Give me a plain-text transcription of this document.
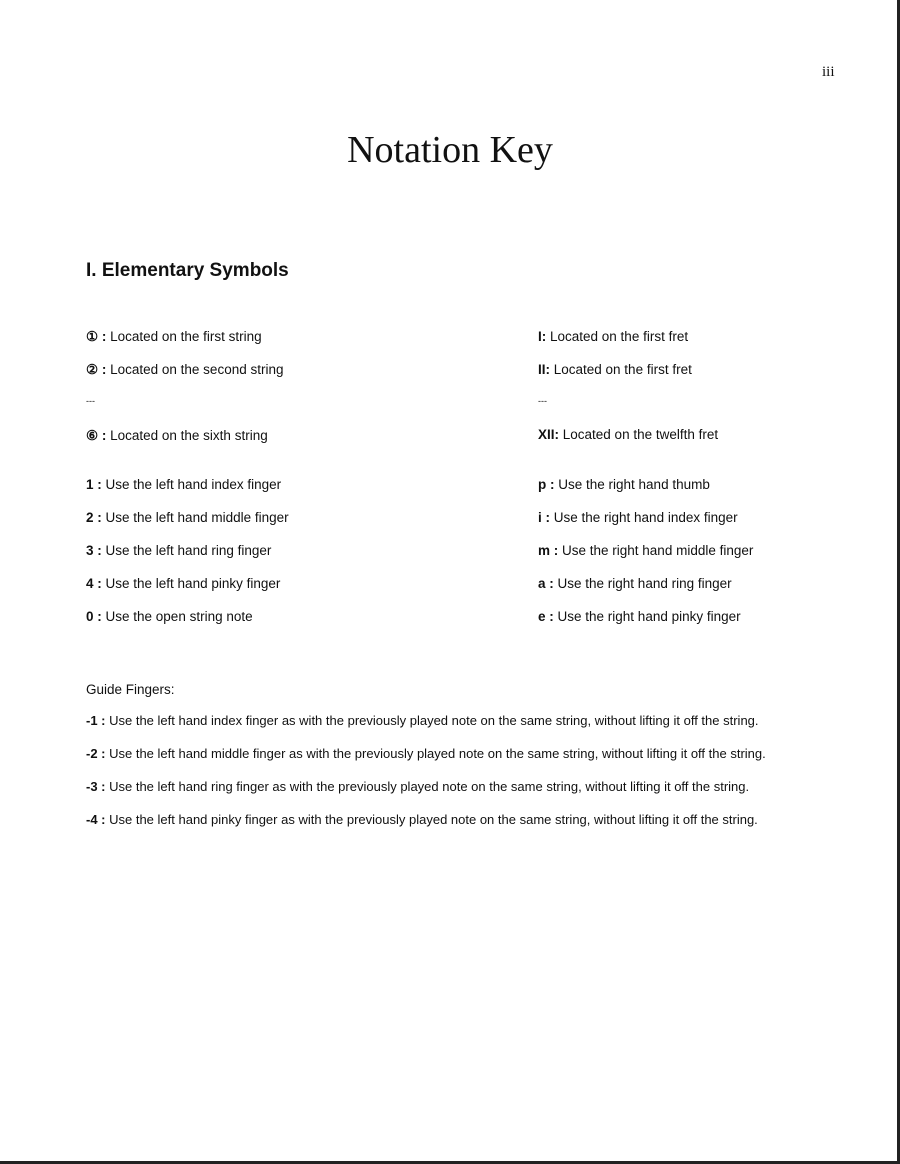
iii
Notation Key
I. Elementary Symbols
① : Located on the first string
② : Located on the second string
---
⑥ : Located on the sixth string
I: Located on the first fret
II: Located on the first fret
---
XII: Located on the twelfth fret
1 : Use the left hand index finger
2 : Use the left hand middle finger
3 : Use the left hand ring finger
4 : Use the left hand pinky finger
0 : Use the open string note
p : Use the right hand thumb
i : Use the right hand index finger
m : Use the right hand middle finger
a : Use the right hand ring finger
e : Use the right hand pinky finger
Guide Fingers:
-1 : Use the left hand index finger as with the previously played note on the same string, without lifting it off the string.
-2 : Use the left hand middle finger as with the previously played note on the same string, without lifting it off the string.
-3 : Use the left hand ring finger as with the previously played note on the same string, without lifting it off the string.
-4 : Use the left hand pinky finger as with the previously played note on the same string, without lifting it off the string.
